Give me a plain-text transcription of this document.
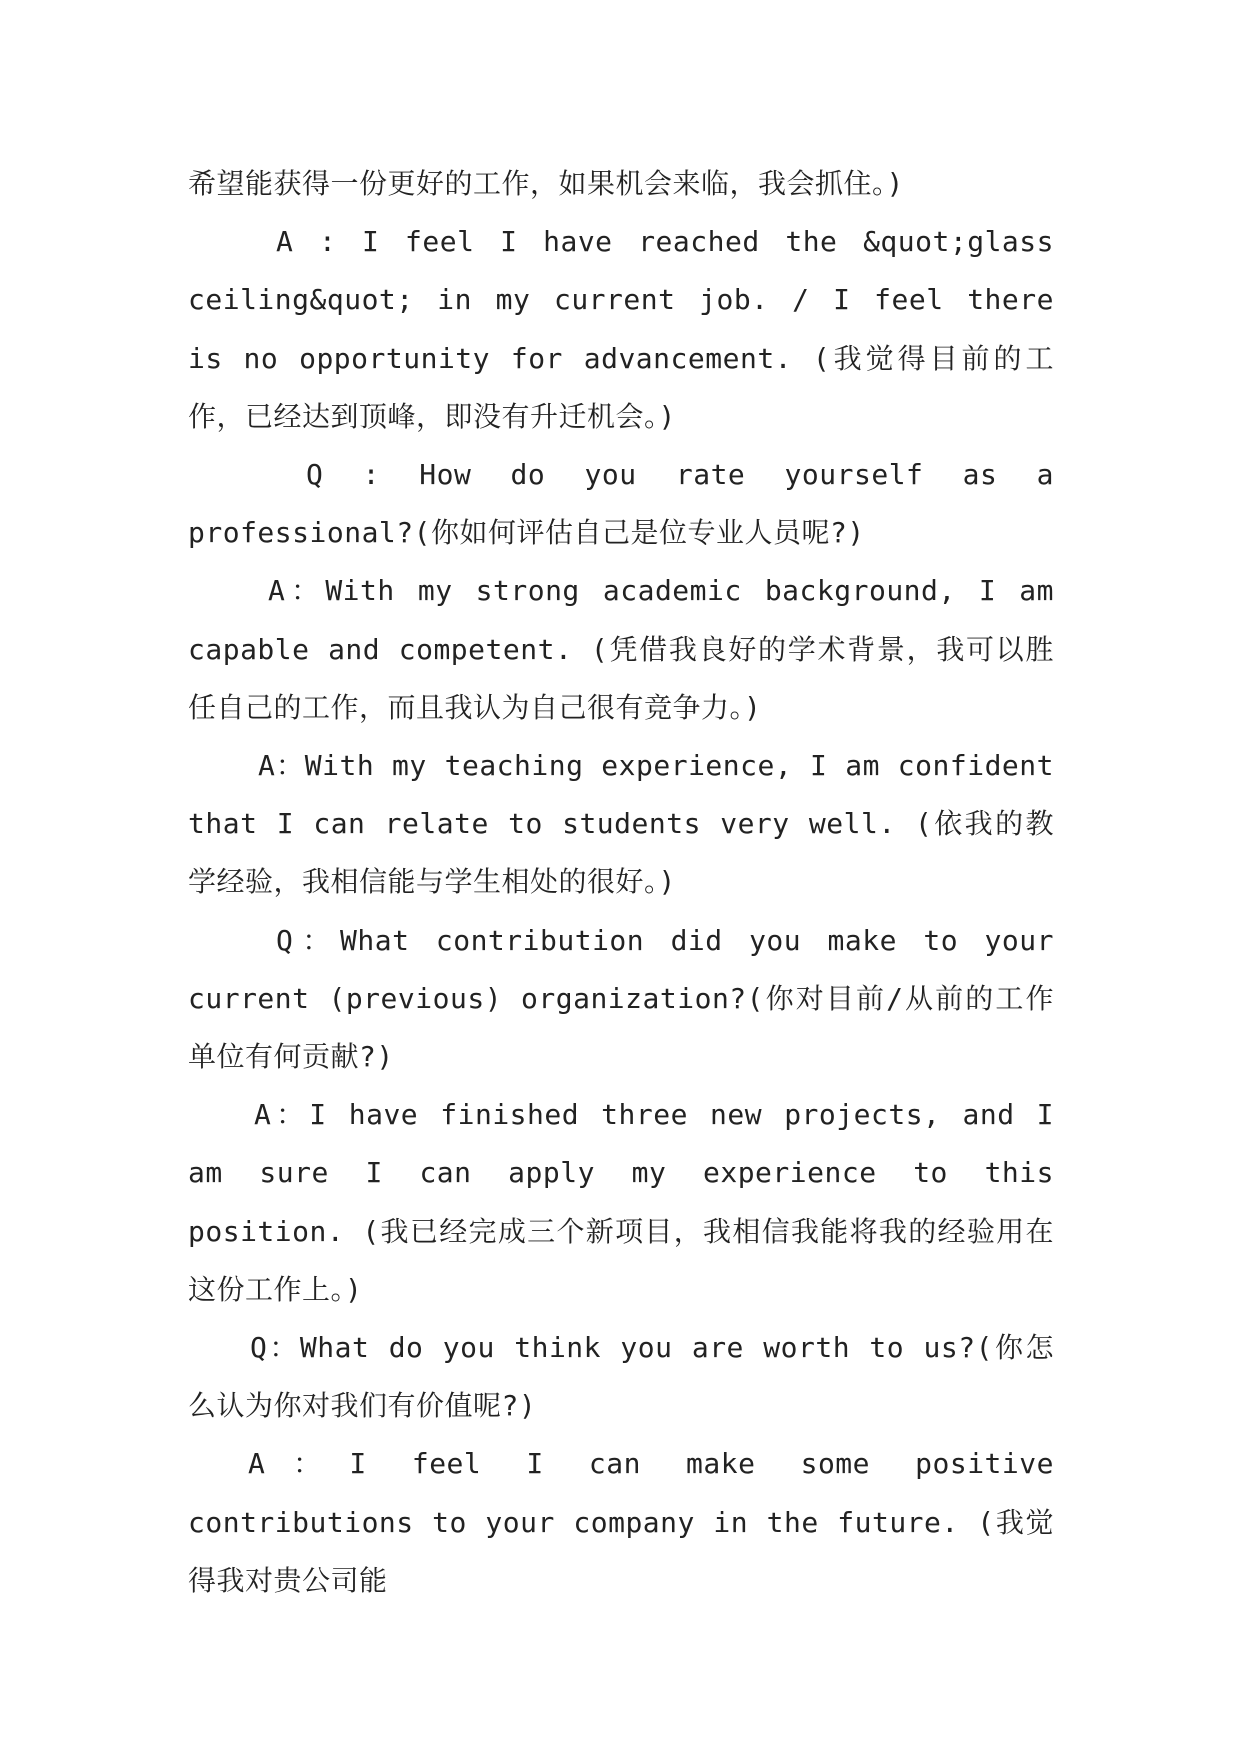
希望能获得一份更好的工作，如果机会来临，我会抓住。)

A : I feel I have reached the &quot;glass ceiling&quot; in my current job. / I feel there is no opportunity for advancement. (我觉得目前的工作，已经达到顶峰，即没有升迁机会。)

Q : How do you rate yourself as a professional?(你如何评估自己是位专业人员呢?)

A：With my strong academic background, I am capable and competent. (凭借我良好的学术背景，我可以胜任自己的工作，而且我认为自己很有竞争力。)

A：With my teaching experience, I am confident that I can relate to students very well. (依我的教学经验，我相信能与学生相处的很好。)

Q：What contribution did you make to your current (previous) organization?(你对目前/从前的工作单位有何贡献?)

A：I have finished three new projects, and I am sure I can apply my experience to this position. (我已经完成三个新项目，我相信我能将我的经验用在这份工作上。)

Q：What do you think you are worth to us?(你怎么认为你对我们有价值呢?)

A：I feel I can make some positive contributions to your company in the future. (我觉得我对贵公司能
